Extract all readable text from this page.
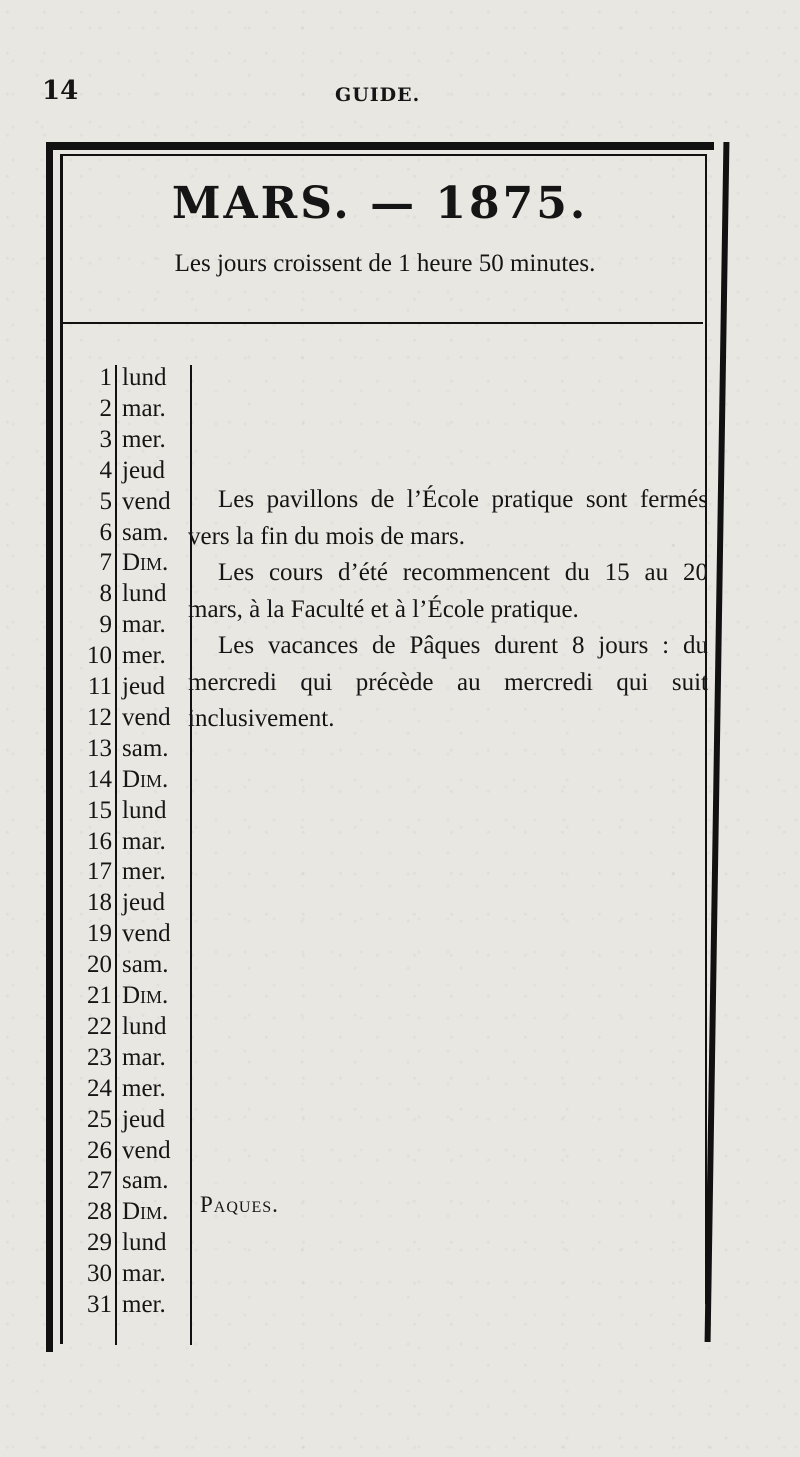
14	GUIDE.
MARS. — 1875.
Les jours croissent de 1 heure 50 minutes.
1 lund
2 mar.
3 mer.
4 jeud
5 vend
6 sam.
7 Dim.
8 lund
9 mar.
10 mer.
11 jeud
12 vend
13 sam.
14 Dim.
15 lund
16 mar.
17 mer.
18 jeud
19 vend
20 sam.
21 Dim.
22 lund
23 mar.
24 mer.
25 jeud
26 vend
27 sam.
28 Dim.
29 lund
30 mar.
31 mer.

Les pavillons de l’École pratique sont fermés vers la fin du mois de mars.

Les cours d’été recommencent du 15 au 20 mars, à la Faculté et à l’École pratique.

Les vacances de Pâques durent 8 jours : du mercredi qui précède au mercredi qui suit inclusivement.

Paques.
